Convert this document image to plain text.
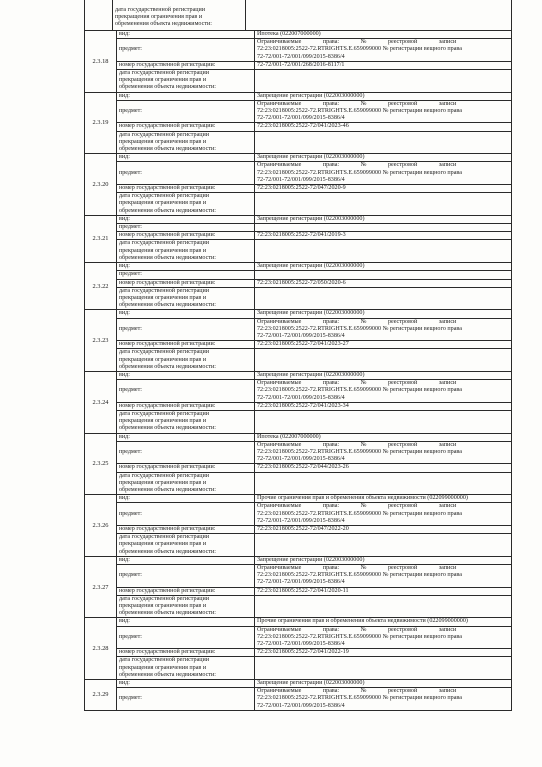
дата государственной регистрации
прекращения ограничения прав и
обременения объекта недвижимости:
2.3.18	вид:	Ипотека (022007000000)
	предмет:	Ограничиваемые права: № реестровой записи
72:23:0218005:2522-72.RTRIGHTS.E.659099000 № регистрации вещного права
72-72/001-72/001/099/2015-8386/4

	номер государственной регистрации:	72-72/001-72/001/268/2016-8117/1

	дата государственной регистрации
прекращения ограничения прав и
обременения объекта недвижимости:	

2.3.19	вид:	Запрещение регистрации (022003000000)
	предмет:	Ограничиваемые права: № реестровой записи
72:23:0218005:2522-72.RTRIGHTS.E.659099000 № регистрации вещного права
72-72/001-72/001/099/2015-8386/4

	номер государственной регистрации:	72:23:0218005:2522-72/041/2023-46

	дата государственной регистрации
прекращения ограничения прав и
обременения объекта недвижимости:	

2.3.20	вид:	Запрещение регистрации (022003000000)
	предмет:	Ограничиваемые права: № реестровой записи
72:23:0218005:2522-72.RTRIGHTS.E.659099000 № регистрации вещного права
72-72/001-72/001/099/2015-8386/4

	номер государственной регистрации:	72:23:0218005:2522-72/047/2020-9

	дата государственной регистрации
прекращения ограничения прав и
обременения объекта недвижимости:	

2.3.21	вид:	Запрещение регистрации (022003000000)
	предмет:	

	номер государственной регистрации:	72:23:0218005:2522-72/041/2019-3

	дата государственной регистрации
прекращения ограничения прав и
обременения объекта недвижимости:	

2.3.22	вид:	Запрещение регистрации (022003000000)
	предмет:	

	номер государственной регистрации:	72:23:0218005:2522-72/050/2020-6

	дата государственной регистрации
прекращения ограничения прав и
обременения объекта недвижимости:	

2.3.23	вид:	Запрещение регистрации (022003000000)
	предмет:	Ограничиваемые права: № реестровой записи
72:23:0218005:2522-72.RTRIGHTS.E.659099000 № регистрации вещного права
72-72/001-72/001/099/2015-8386/4

	номер государственной регистрации:	72:23:0218005:2522-72/041/2023-27

	дата государственной регистрации
прекращения ограничения прав и
обременения объекта недвижимости:	

2.3.24	вид:	Запрещение регистрации (022003000000)
	предмет:	Ограничиваемые права: № реестровой записи
72:23:0218005:2522-72.RTRIGHTS.E.659099000 № регистрации вещного права
72-72/001-72/001/099/2015-8386/4

	номер государственной регистрации:	72:23:0218005:2522-72/041/2023-34

	дата государственной регистрации
прекращения ограничения прав и
обременения объекта недвижимости:	

2.3.25	вид:	Ипотека (022007000000)
	предмет:	Ограничиваемые права: № реестровой записи
72:23:0218005:2522-72.RTRIGHTS.E.659099000 № регистрации вещного права
72-72/001-72/001/099/2015-8386/4

	номер государственной регистрации:	72:23:0218005:2522-72/044/2023-26

	дата государственной регистрации
прекращения ограничения прав и
обременения объекта недвижимости:	

2.3.26	вид:	Прочие ограничения прав и обременения объекта недвижимости (022099000000)
	предмет:	Ограничиваемые права: № реестровой записи
72:23:0218005:2522-72.RTRIGHTS.E.659099000 № регистрации вещного права
72-72/001-72/001/099/2015-8386/4

	номер государственной регистрации:	72:23:0218005:2522-72/047/2022-20

	дата государственной регистрации
прекращения ограничения прав и
обременения объекта недвижимости:	

2.3.27	вид:	Запрещение регистрации (022003000000)
	предмет:	Ограничиваемые права: № реестровой записи
72:23:0218005:2522-72.RTRIGHTS.E.659099000 № регистрации вещного права
72-72/001-72/001/099/2015-8386/4

	номер государственной регистрации:	72:23:0218005:2522-72/041/2020-11

	дата государственной регистрации
прекращения ограничения прав и
обременения объекта недвижимости:	

2.3.28	вид:	Прочие ограничения прав и обременения объекта недвижимости (022099000000)
	предмет:	Ограничиваемые права: № реестровой записи
72:23:0218005:2522-72.RTRIGHTS.E.659099000 № регистрации вещного права
72-72/001-72/001/099/2015-8386/4

	номер государственной регистрации:	72:23:0218005:2522-72/041/2022-19

	дата государственной регистрации
прекращения ограничения прав и
обременения объекта недвижимости:	

2.3.29	вид:	Запрещение регистрации (022003000000)
	предмет:	Ограничиваемые права: № реестровой записи
72:23:0218005:2522-72.RTRIGHTS.E.659099000 № регистрации вещного права
72-72/001-72/001/099/2015-8386/4
